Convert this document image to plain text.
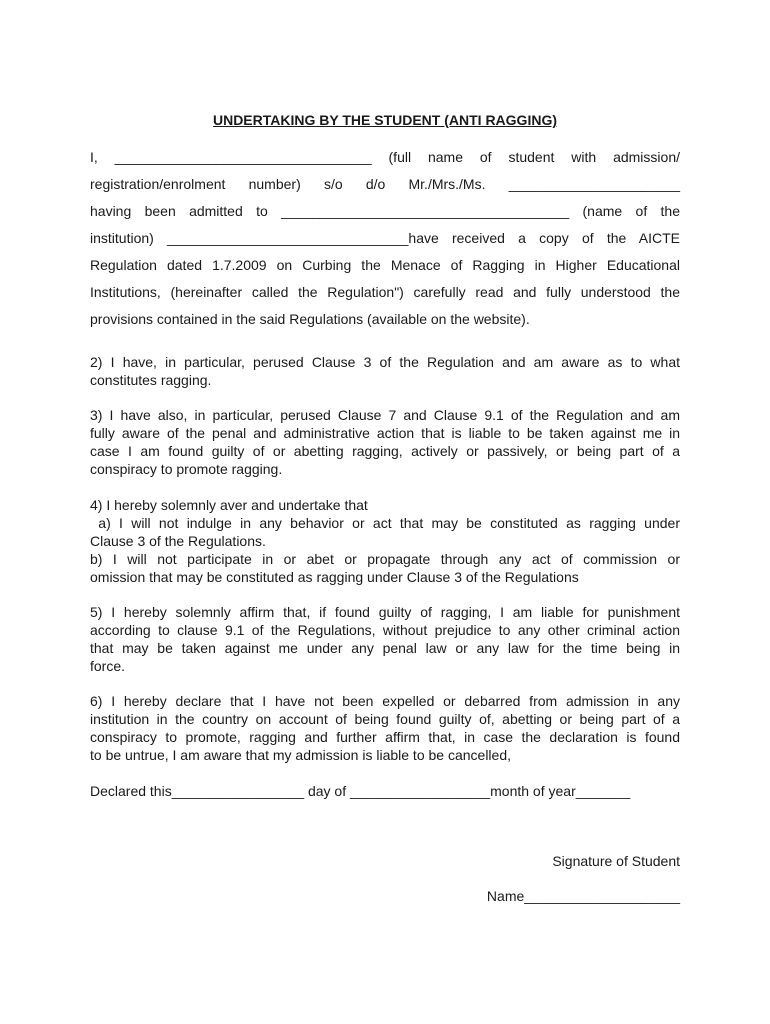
UNDERTAKING BY THE STUDENT (ANTI RAGGING)
I, _________________________________ (full name of student with admission/
registration/enrolment number) s/o d/o Mr./Mrs./Ms. ______________________
having been admitted to _____________________________________ (name of the
institution) _______________________________have received a copy of the AICTE
Regulation dated 1.7.2009 on Curbing the Menace of Ragging in Higher Educational
Institutions, (hereinafter called the Regulation") carefully read and fully understood the
provisions contained in the said Regulations (available on the website).
2) I have, in particular, perused Clause 3 of the Regulation and am aware as to what
constitutes ragging.
3) I have also, in particular, perused Clause 7 and Clause 9.1 of the Regulation and am
fully aware of the penal and administrative action that is liable to be taken against me in
case I am found guilty of or abetting ragging, actively or passively, or being part of a
conspiracy to promote ragging.
4) I hereby solemnly aver and undertake that
a) I will not indulge in any behavior or act that may be constituted as ragging under
Clause 3 of the Regulations.
b) I will not participate in or abet or propagate through any act of commission or
omission that may be constituted as ragging under Clause 3 of the Regulations
5) I hereby solemnly affirm that, if found guilty of ragging, I am liable for punishment
according to clause 9.1 of the Regulations, without prejudice to any other criminal action
that may be taken against me under any penal law or any law for the time being in
force.
6) I hereby declare that I have not been expelled or debarred from admission in any
institution in the country on account of being found guilty of, abetting or being part of a
conspiracy to promote, ragging and further affirm that, in case the declaration is found
to be untrue, I am aware that my admission is liable to be cancelled,
Declared this_________________ day of __________________month of year_______
Signature of Student
Name____________________
